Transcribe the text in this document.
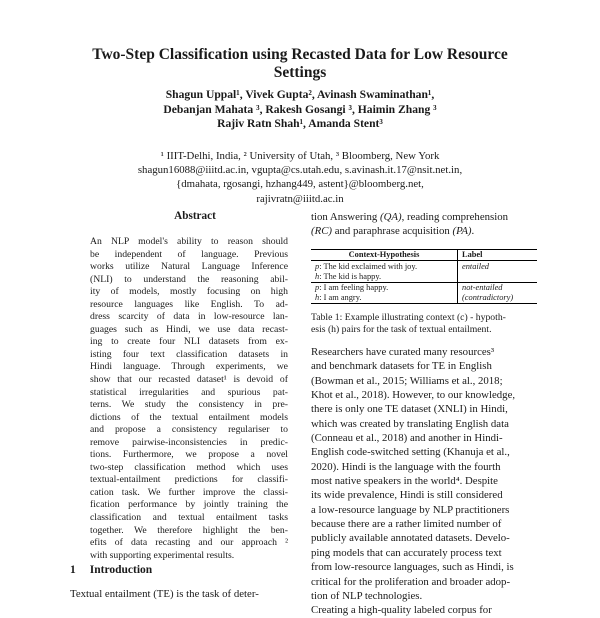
Two-Step Classification using Recasted Data for Low Resource
Settings
Shagun Uppal¹, Vivek Gupta², Avinash Swaminathan¹,
Debanjan Mahata ³, Rakesh Gosangi ³, Haimin Zhang ³
Rajiv Ratn Shah¹, Amanda Stent³
¹ IIIT-Delhi, India, ² University of Utah, ³ Bloomberg, New York
shagun16088@iiitd.ac.in, vgupta@cs.utah.edu, s.avinash.it.17@nsit.net.in,
{dmahata, rgosangi, hzhang449, astent}@bloomberg.net,
rajivratn@iiitd.ac.in
Abstract
An NLP model's ability to reason should
be independent of language. Previous
works utilize Natural Language Inference
(NLI) to understand the reasoning abil-
ity of models, mostly focusing on high
resource languages like English. To ad-
dress scarcity of data in low-resource lan-
guages such as Hindi, we use data recast-
ing to create four NLI datasets from ex-
isting four text classification datasets in
Hindi language. Through experiments, we
show that our recasted dataset¹ is devoid of
statistical irregularities and spurious pat-
terns. We study the consistency in pre-
dictions of the textual entailment models
and propose a consistency regulariser to
remove pairwise-inconsistencies in predic-
tions. Furthermore, we propose a novel
two-step classification method which uses
textual-entailment predictions for classifi-
cation task. We further improve the classi-
fication performance by jointly training the
classification and textual entailment tasks
together. We therefore highlight the ben-
efits of data recasting and our approach ²
with supporting experimental results.
1 Introduction
Textual entailment (TE) is the task of deter-
tion Answering (QA), reading comprehension
(RC) and paraphrase acquisition (PA).
Context-Hypothesis	Label
p: The kid exclaimed with joy.	entailed
h: The kid is happy.	
p: I am feeling happy.	not-entailed
h: I am angry.	(contradictory)
Table 1: Example illustrating context (c) - hypoth-
esis (h) pairs for the task of textual entailment.
Researchers have curated many resources³
and benchmark datasets for TE in English
(Bowman et al., 2015; Williams et al., 2018;
Khot et al., 2018). However, to our knowledge,
there is only one TE dataset (XNLI) in Hindi,
which was created by translating English data
(Conneau et al., 2018) and another in Hindi-
English code-switched setting (Khanuja et al.,
2020). Hindi is the language with the fourth
most native speakers in the world⁴. Despite
its wide prevalence, Hindi is still considered
a low-resource language by NLP practitioners
because there are a rather limited number of
publicly available annotated datasets. Develo-
ping models that can accurately process text
from low-resource languages, such as Hindi, is
critical for the proliferation and broader adop-
tion of NLP technologies.
Creating a high-quality labeled corpus for
